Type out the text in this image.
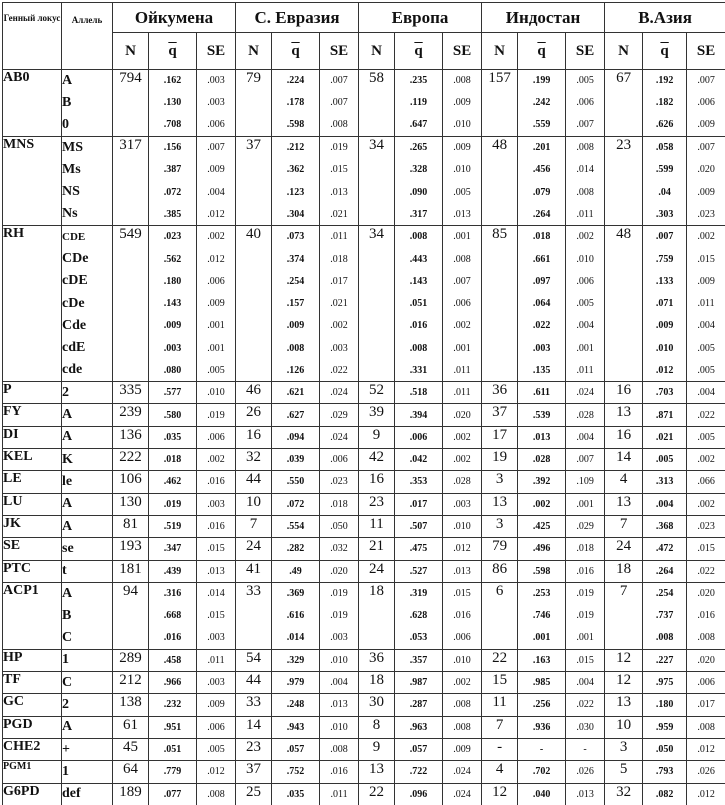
Генный локус	Аллель	Ойкумена			С. Евразия			Европа			Индостан			В.Азия		
		N	$\overline{q}$	SE	N	$\overline{q}$	SE	N	$\overline{q}$	SE	N	$\overline{q}$	SE	N	$\overline{q}$	SE
AB0	A	794	.162	.003	79	.224	.007	58	.235	.008	157	.199	.005	67	.192	.007
	B		.130	.003		.178	.007		.119	.009		.242	.006		.182	.006
	0		.708	.006		.598	.008		.647	.010		.559	.007		.626	.009
MNS	MS	317	.156	.007	37	.212	.019	34	.265	.009	48	.201	.008	23	.058	.007
	Ms		.387	.009		.362	.015		.328	.010		.456	.014		.599	.020
	NS		.072	.004		.123	.013		.090	.005		.079	.008		.04	.009
	Ns		.385	.012		.304	.021		.317	.013		.264	.011		.303	.023
RH	CDE	549	.023	.002	40	.073	.011	34	.008	.001	85	.018	.002	48	.007	.002
	CDe		.562	.012		.374	.018		.443	.008		.661	.010		.759	.015
	cDE		.180	.006		.254	.017		.143	.007		.097	.006		.133	.009
	cDe		.143	.009		.157	.021		.051	.006		.064	.005		.071	.011
	Cde		.009	.001		.009	.002		.016	.002		.022	.004		.009	.004
	cdE		.003	.001		.008	.003		.008	.001		.003	.001		.010	.005
	cde		.080	.005		.126	.022		.331	.011		.135	.011		.012	.005
P	2	335	.577	.010	46	.621	.024	52	.518	.011	36	.611	.024	16	.703	.004
FY	A	239	.580	.019	26	.627	.029	39	.394	.020	37	.539	.028	13	.871	.022
DI	A	136	.035	.006	16	.094	.024	9	.006	.002	17	.013	.004	16	.021	.005
KEL	K	222	.018	.002	32	.039	.006	42	.042	.002	19	.028	.007	14	.005	.002
LE	le	106	.462	.016	44	.550	.023	16	.353	.028	3	.392	.109	4	.313	.066
LU	A	130	.019	.003	10	.072	.018	23	.017	.003	13	.002	.001	13	.004	.002
JK	A	81	.519	.016	7	.554	.050	11	.507	.010	3	.425	.029	7	.368	.023
SE	se	193	.347	.015	24	.282	.032	21	.475	.012	79	.496	.018	24	.472	.015
PTC	t	181	.439	.013	41	.49	.020	24	.527	.013	86	.598	.016	18	.264	.022
ACP1	A	94	.316	.014	33	.369	.019	18	.319	.015	6	.253	.019	7	.254	.020
	B		.668	.015		.616	.019		.628	.016		.746	.019		.737	.016
	C		.016	.003		.014	.003		.053	.006		.001	.001		.008	.008
HP	1	289	.458	.011	54	.329	.010	36	.357	.010	22	.163	.015	12	.227	.020
TF	C	212	.966	.003	44	.979	.004	18	.987	.002	15	.985	.004	12	.975	.006
GC	2	138	.232	.009	33	.248	.013	30	.287	.008	11	.256	.022	13	.180	.017
PGD	A	61	.951	.006	14	.943	.010	8	.963	.008	7	.936	.030	10	.959	.008
CHE2	+	45	.051	.005	23	.057	.008	9	.057	.009	-	-	-	3	.050	.012
PGM1	1	64	.779	.012	37	.752	.016	13	.722	.024	4	.702	.026	5	.793	.026
G6PD	def	189	.077	.008	25	.035	.011	22	.096	.024	12	.040	.013	32	.082	.012
